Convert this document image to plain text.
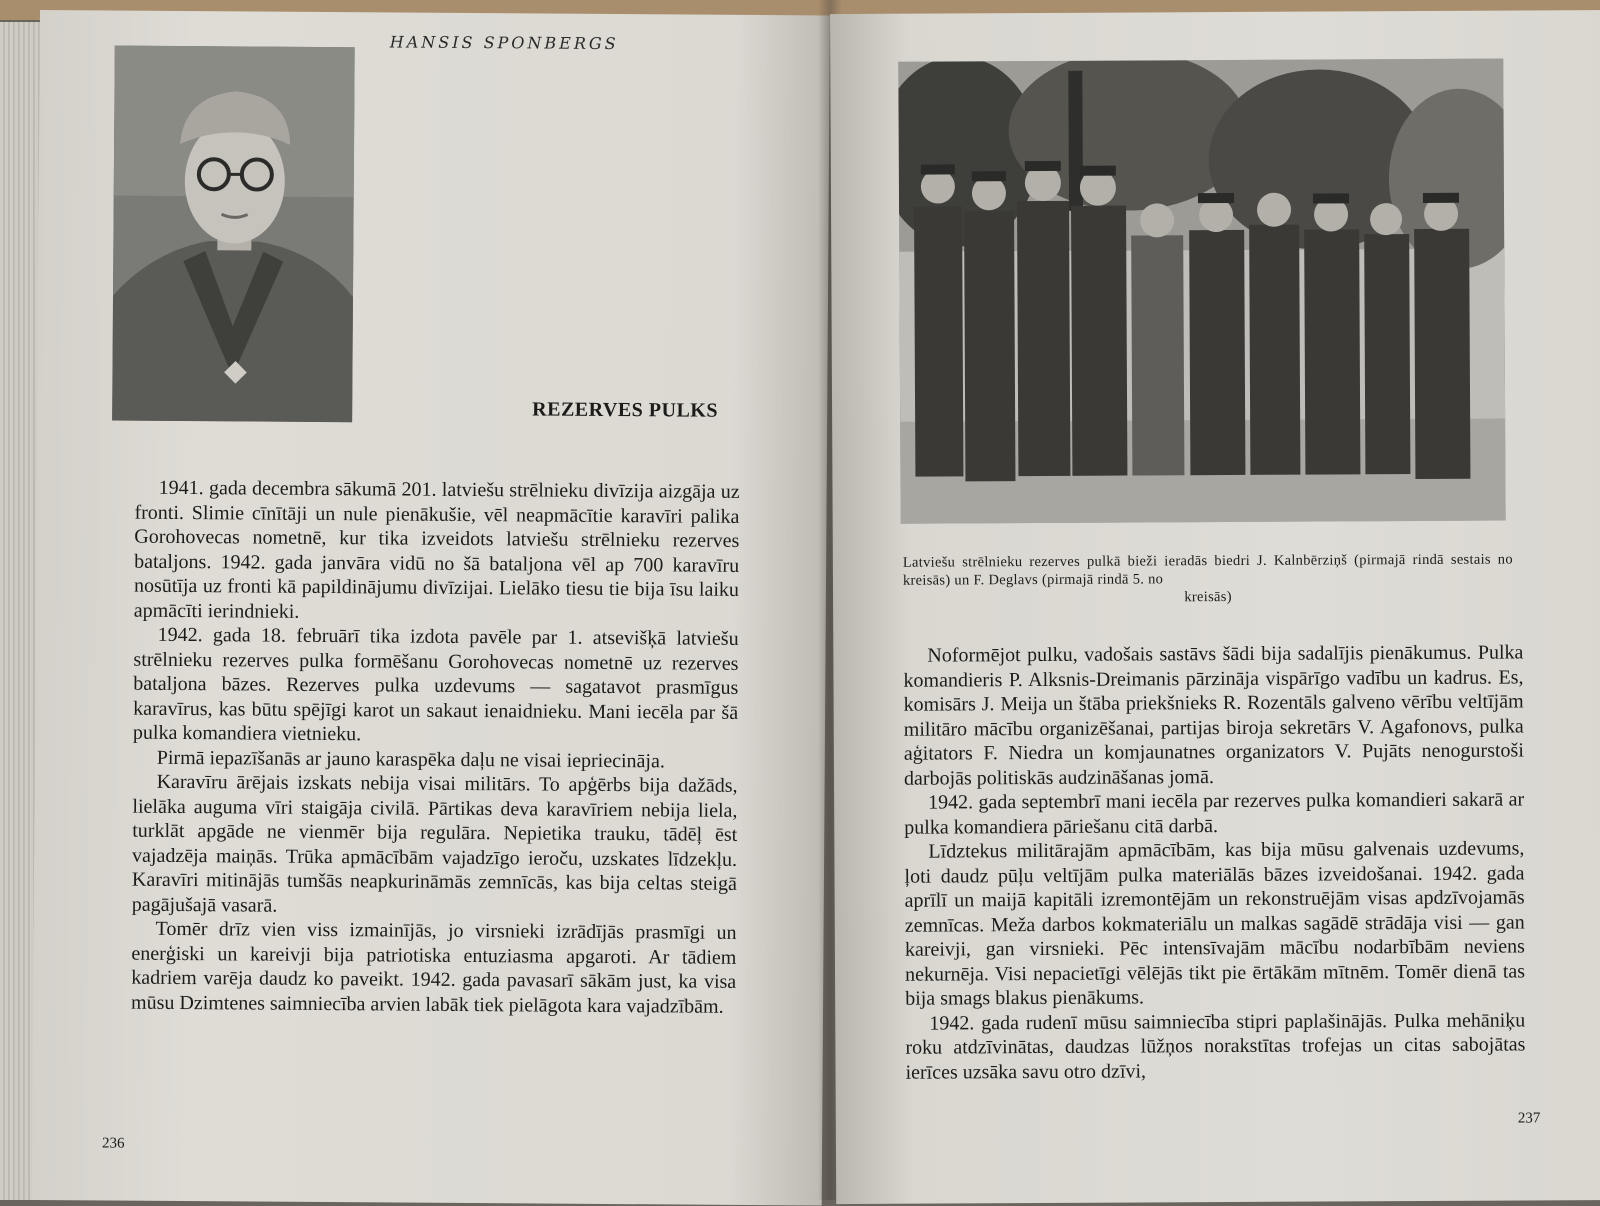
HANSIS SPONBERGS
REZERVES PULKS

1941. gada decembra sākumā 201. latviešu strēlnieku divīzija aizgāja uz fronti. Slimie cīnītāji un nule pienākušie, vēl neapmācītie karavīri palika Gorohovecas nometnē, kur tika izveidots latviešu strēlnieku rezerves bataljons. 1942. gada janvāra vidū no šā bataljona vēl ap 700 karavīru nosūtīja uz fronti kā papildinājumu divīzijai. Lielāko tiesu tie bija īsu laiku apmācīti ierindnieki.

1942. gada 18. februārī tika izdota pavēle par 1. atsevišķā latviešu strēlnieku rezerves pulka formēšanu Gorohovecas nometnē uz rezerves bataljona bāzes. Rezerves pulka uzdevums — sagatavot prasmīgus karavīrus, kas būtu spējīgi karot un sakaut ienaidnieku. Mani iecēla par šā pulka komandiera vietnieku.

Pirmā iepazīšanās ar jauno karaspēka daļu ne visai iepriecināja.

Karavīru ārējais izskats nebija visai militārs. To apģērbs bija dažāds, lielāka auguma vīri staigāja civilā. Pārtikas deva karavīriem nebija liela, turklāt apgāde ne vienmēr bija regulāra. Nepietika trauku, tādēļ ēst vajadzēja maiņās. Trūka apmācībām vajadzīgo ieroču, uzskates līdzekļu. Karavīri mitinājās tumšās neapkurināmās zemnīcās, kas bija celtas steigā pagājušajā vasarā.

Tomēr drīz vien viss izmainījās, jo virsnieki izrādījās prasmīgi un enerģiski un kareivji bija patriotiska entuziasma apgaroti. Ar tādiem kadriem varēja daudz ko paveikt. 1942. gada pavasarī sākām just, ka visa mūsu Dzimtenes saimniecība arvien labāk tiek pielāgota kara vajadzībām.

236
Latviešu strēlnieku rezerves pulkā bieži ieradās biedri J. Kalnbērziņš (pirmajā rindā sestais no kreisās) un F. Deglavs (pirmajā rindā 5. no
kreisās)

Noformējot pulku, vadošais sastāvs šādi bija sadalījis pienākumus. Pulka komandieris P. Alksnis-Dreimanis pārzināja vispārīgo vadību un kadrus. Es, komisārs J. Meija un štāba priekšnieks R. Rozentāls galveno vērību veltījām militāro mācību organizēšanai, partijas biroja sekretārs V. Agafonovs, pulka aģitators F. Niedra un komjaunatnes organizators V. Pujāts nenogurstoši darbojās politiskās audzināšanas jomā.

1942. gada septembrī mani iecēla par rezerves pulka komandieri sakarā ar pulka komandiera pāriešanu citā darbā.

Līdztekus militārajām apmācībām, kas bija mūsu galvenais uzdevums, ļoti daudz pūļu veltījām pulka materiālās bāzes izveidošanai. 1942. gada aprīlī un maijā kapitāli izremontējām un rekonstruējām visas apdzīvojamās zemnīcas. Meža darbos kokmateriālu un malkas sagādē strādāja visi — gan kareivji, gan virsnieki. Pēc intensīvajām mācību nodarbībām neviens nekurnēja. Visi nepacietīgi vēlējās tikt pie ērtākām mītnēm. Tomēr dienā tas bija smags blakus pienākums.

1942. gada rudenī mūsu saimniecība stipri paplašinājās. Pulka mehāniķu roku atdzīvinātas, daudzas lūžņos norakstītas trofejas un citas sabojātas ierīces uzsāka savu otro dzīvi,

237
